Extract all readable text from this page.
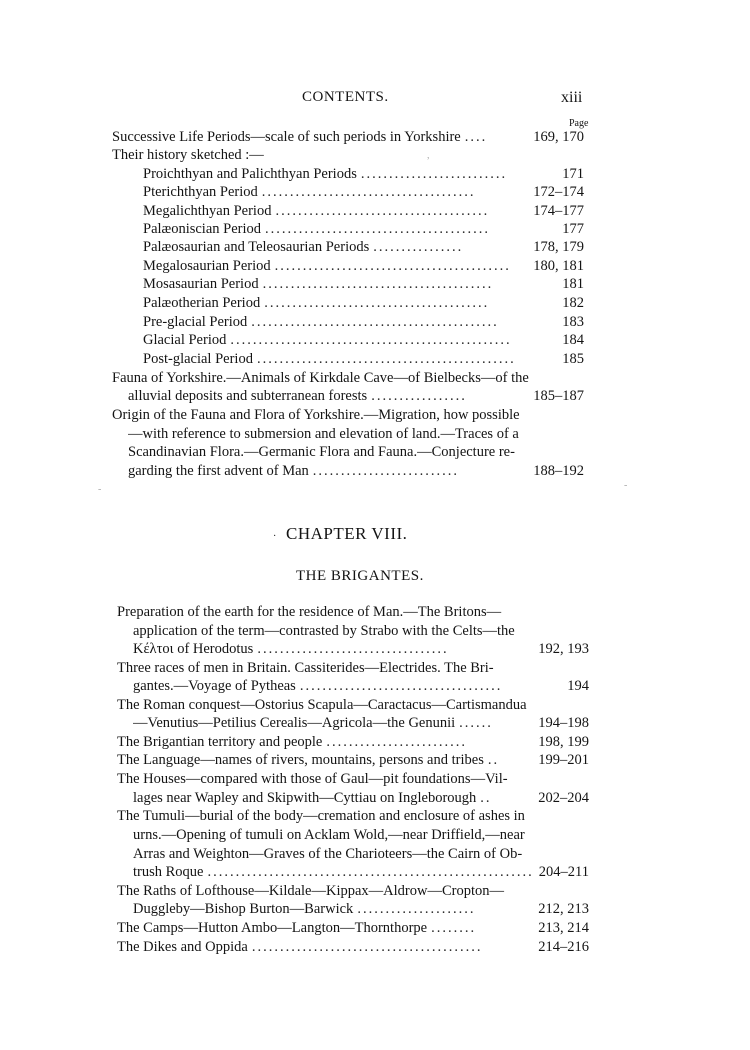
CONTENTS.	xiii
Page
Successive Life Periods—scale of such periods in Yorkshire ....	169, 170
Their history sketched :—
Proichthyan and Palichthyan Periods ..........................	171
Pterichthyan Period ......................................	172–174
Megalichthyan Period ......................................	174–177
Palæoniscian Period ........................................	177
Palæosaurian and Teleosaurian Periods ................	178, 179
Megalosaurian Period ..........................................	180, 181
Mosasaurian Period .........................................	181
Palæotherian Period ........................................	182
Pre-glacial Period ............................................	183
Glacial Period ..................................................	184
Post-glacial Period ..............................................	185
Fauna of Yorkshire.—Animals of Kirkdale Cave—of Bielbecks—of the
alluvial deposits and subterranean forests .................	185–187
Origin of the Fauna and Flora of Yorkshire.—Migration, how possible
—with reference to submersion and elevation of land.—Traces of a
Scandinavian Flora.—Germanic Flora and Fauna.—Conjecture re-
garding the first advent of Man ..........................	188–192
· CHAPTER VIII.
THE BRIGANTES.
Preparation of the earth for the residence of Man.—The Britons—
application of the term—contrasted by Strabo with the Celts—the
Κέλτοι of Herodotus ..................................	192, 193
Three races of men in Britain. Cassiterides—Electrides. The Bri-
gantes.—Voyage of Pytheas ....................................	194
The Roman conquest—Ostorius Scapula—Caractacus—Cartismandua
—Venutius—Petilius Cerealis—Agricola—the Genunii ......	194–198
The Brigantian territory and people .........................	198, 199
The Language—names of rivers, mountains, persons and tribes ..	199–201
The Houses—compared with those of Gaul—pit foundations—Vil-
lages near Wapley and Skipwith—Cyttiau on Ingleborough ..	202–204
The Tumuli—burial of the body—cremation and enclosure of ashes in
urns.—Opening of tumuli on Acklam Wold,—near Driffield,—near
Arras and Weighton—Graves of the Charioteers—the Cairn of Ob-
trush Roque .......................................................... 204–211
The Raths of Lofthouse—Kildale—Kippax—Aldrow—Cropton—
Duggleby—Bishop Burton—Barwick .....................	212, 213
The Camps—Hutton Ambo—Langton—Thornthorpe ........	213, 214
The Dikes and Oppida .........................................	214–216
,
-	-
